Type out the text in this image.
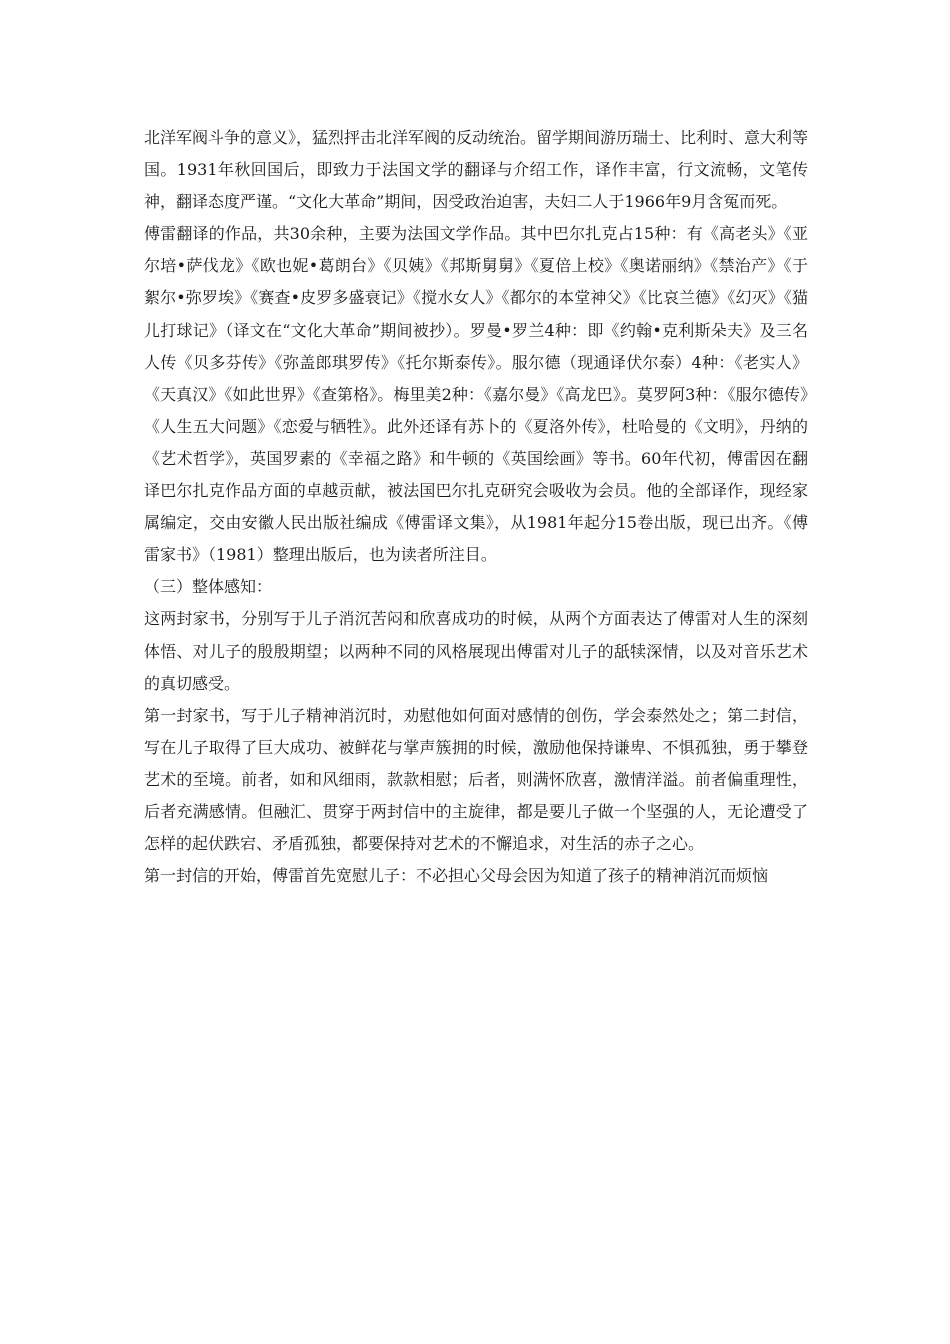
北洋军阀斗争的意义》，猛烈抨击北洋军阀的反动统治。留学期间游历瑞士、比利时、意大利等国。1931年秋回国后，即致力于法国文学的翻译与介绍工作，译作丰富，行文流畅，文笔传神，翻译态度严谨。“文化大革命”期间，因受政治迫害，夫妇二人于1966年9月含冤而死。

傅雷翻译的作品，共30余种，主要为法国文学作品。其中巴尔扎克占15种：有《高老头》《亚尔培•萨伐龙》《欧也妮•葛朗台》《贝姨》《邦斯舅舅》《夏倍上校》《奥诺丽纳》《禁治产》《于絮尔•弥罗埃》《赛查•皮罗多盛衰记》《搅水女人》《都尔的本堂神父》《比哀兰德》《幻灭》《猫儿打球记》（译文在“文化大革命”期间被抄）。罗曼•罗兰4种：即《约翰•克利斯朵夫》及三名人传《贝多芬传》《弥盖郎琪罗传》《托尔斯泰传》。服尔德（现通译伏尔泰）4种：《老实人》《天真汉》《如此世界》《查第格》。梅里美2种：《嘉尔曼》《高龙巴》。莫罗阿3种：《服尔德传》《人生五大问题》《恋爱与牺牲》。此外还译有苏卜的《夏洛外传》，杜哈曼的《文明》，丹纳的《艺术哲学》，英国罗素的《幸福之路》和牛顿的《英国绘画》等书。60年代初，傅雷因在翻译巴尔扎克作品方面的卓越贡献，被法国巴尔扎克研究会吸收为会员。他的全部译作，现经家属编定，交由安徽人民出版社编成《傅雷译文集》，从1981年起分15卷出版，现已出齐。《傅雷家书》（1981）整理出版后，也为读者所注目。

（三）整体感知：

这两封家书，分别写于儿子消沉苦闷和欣喜成功的时候，从两个方面表达了傅雷对人生的深刻体悟、对儿子的殷殷期望；以两种不同的风格展现出傅雷对儿子的舐犊深情，以及对音乐艺术的真切感受。

第一封家书，写于儿子精神消沉时，劝慰他如何面对感情的创伤，学会泰然处之；第二封信，写在儿子取得了巨大成功、被鲜花与掌声簇拥的时候，激励他保持谦卑、不惧孤独，勇于攀登艺术的至境。前者，如和风细雨，款款相慰；后者，则满怀欣喜，激情洋溢。前者偏重理性，后者充满感情。但融汇、贯穿于两封信中的主旋律，都是要儿子做一个坚强的人，无论遭受了怎样的起伏跌宕、矛盾孤独，都要保持对艺术的不懈追求，对生活的赤子之心。

第一封信的开始，傅雷首先宽慰儿子：不必担心父母会因为知道了孩子的精神消沉而烦恼
